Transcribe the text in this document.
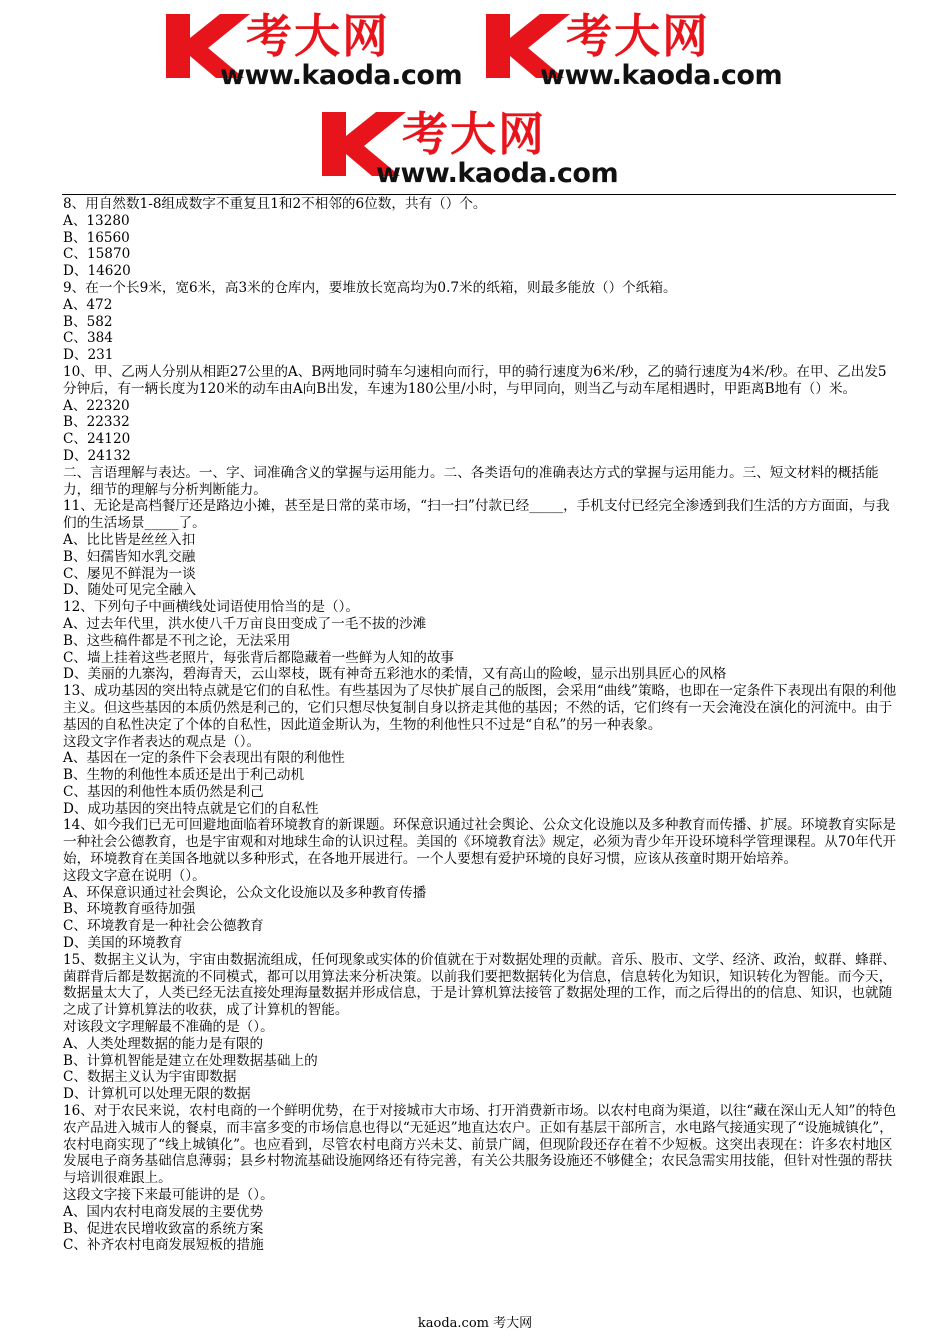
考大网
www.kaoda.com
考大网
www.kaoda.com
考大网
www.kaoda.com

8、用自然数1-8组成数字不重复且1和2不相邻的6位数，共有（）个。

A、13280

B、16560

C、15870

D、14620

9、在一个长9米，宽6米，高3米的仓库内，要堆放长宽高均为0.7米的纸箱，则最多能放（）个纸箱。

A、472

B、582

C、384

D、231

10、甲、乙两人分别从相距27公里的A、B两地同时骑车匀速相向而行，甲的骑行速度为6米/秒，乙的骑行速度为4米/秒。在甲、乙出发5分钟后，有一辆长度为120米的动车由A向B出发，车速为180公里/小时，与甲同向，则当乙与动车尾相遇时，甲距离B地有（）米。

A、22320

B、22332

C、24120

D、24132

二、言语理解与表达。一、字、词准确含义的掌握与运用能力。二、各类语句的准确表达方式的掌握与运用能力。三、短文材料的概括能力，细节的理解与分析判断能力。

11、无论是高档餐厅还是路边小摊，甚至是日常的菜市场，“扫一扫”付款已经_____，手机支付已经完全渗透到我们生活的方方面面，与我们的生活场景_____了。

A、比比皆是丝丝入扣

B、妇孺皆知水乳交融

C、屡见不鲜混为一谈

D、随处可见完全融入

12、下列句子中画横线处词语使用恰当的是（）。

A、过去年代里，洪水使八千万亩良田变成了一毛不拔的沙滩

B、这些稿件都是不刊之论，无法采用

C、墙上挂着这些老照片，每张背后都隐藏着一些鲜为人知的故事

D、美丽的九寨沟，碧海青天，云山翠枝，既有神奇五彩池水的柔情，又有高山的险峻，显示出别具匠心的风格

13、成功基因的突出特点就是它们的自私性。有些基因为了尽快扩展自己的版图，会采用“曲线”策略，也即在一定条件下表现出有限的利他主义。但这些基因的本质仍然是利己的，它们只想尽快复制自身以挤走其他的基因；不然的话，它们终有一天会淹没在演化的河流中。由于基因的自私性决定了个体的自私性，因此道金斯认为，生物的利他性只不过是“自私”的另一种表象。

这段文字作者表达的观点是（）。

A、基因在一定的条件下会表现出有限的利他性

B、生物的利他性本质还是出于利己动机

C、基因的利他性本质仍然是利己

D、成功基因的突出特点就是它们的自私性

14、如今我们已无可回避地面临着环境教育的新课题。环保意识通过社会舆论、公众文化设施以及多种教育而传播、扩展。环境教育实际是一种社会公德教育，也是宇宙观和对地球生命的认识过程。美国的《环境教育法》规定，必须为青少年开设环境科学管理课程。从70年代开始，环境教育在美国各地就以多种形式，在各地开展进行。一个人要想有爱护环境的良好习惯，应该从孩童时期开始培养。

这段文字意在说明（）。

A、环保意识通过社会舆论，公众文化设施以及多种教育传播

B、环境教育亟待加强

C、环境教育是一种社会公德教育

D、美国的环境教育

15、数据主义认为，宇宙由数据流组成，任何现象或实体的价值就在于对数据处理的贡献。音乐、股市、文学、经济、政治，蚁群、蜂群、菌群背后都是数据流的不同模式，都可以用算法来分析决策。以前我们要把数据转化为信息，信息转化为知识，知识转化为智能。而今天，数据量太大了，人类已经无法直接处理海量数据并形成信息，于是计算机算法接管了数据处理的工作，而之后得出的的信息、知识，也就随之成了计算机算法的收获，成了计算机的智能。

对该段文字理解最不准确的是（）。

A、人类处理数据的能力是有限的

B、计算机智能是建立在处理数据基础上的

C、数据主义认为宇宙即数据

D、计算机可以处理无限的数据

16、对于农民来说，农村电商的一个鲜明优势，在于对接城市大市场、打开消费新市场。以农村电商为渠道，以往“藏在深山无人知”的特色农产品进入城市人的餐桌，而丰富多变的市场信息也得以“无延迟”地直达农户。正如有基层干部所言，水电路气接通实现了“设施城镇化”，农村电商实现了“线上城镇化”。也应看到，尽管农村电商方兴未艾、前景广阔，但现阶段还存在着不少短板。这突出表现在：许多农村地区发展电子商务基础信息薄弱；县乡村物流基础设施网络还有待完善，有关公共服务设施还不够健全；农民急需实用技能，但针对性强的帮扶与培训很难跟上。

这段文字接下来最可能讲的是（）。

A、国内农村电商发展的主要优势

B、促进农民增收致富的系统方案

C、补齐农村电商发展短板的措施

kaoda.com 考大网
